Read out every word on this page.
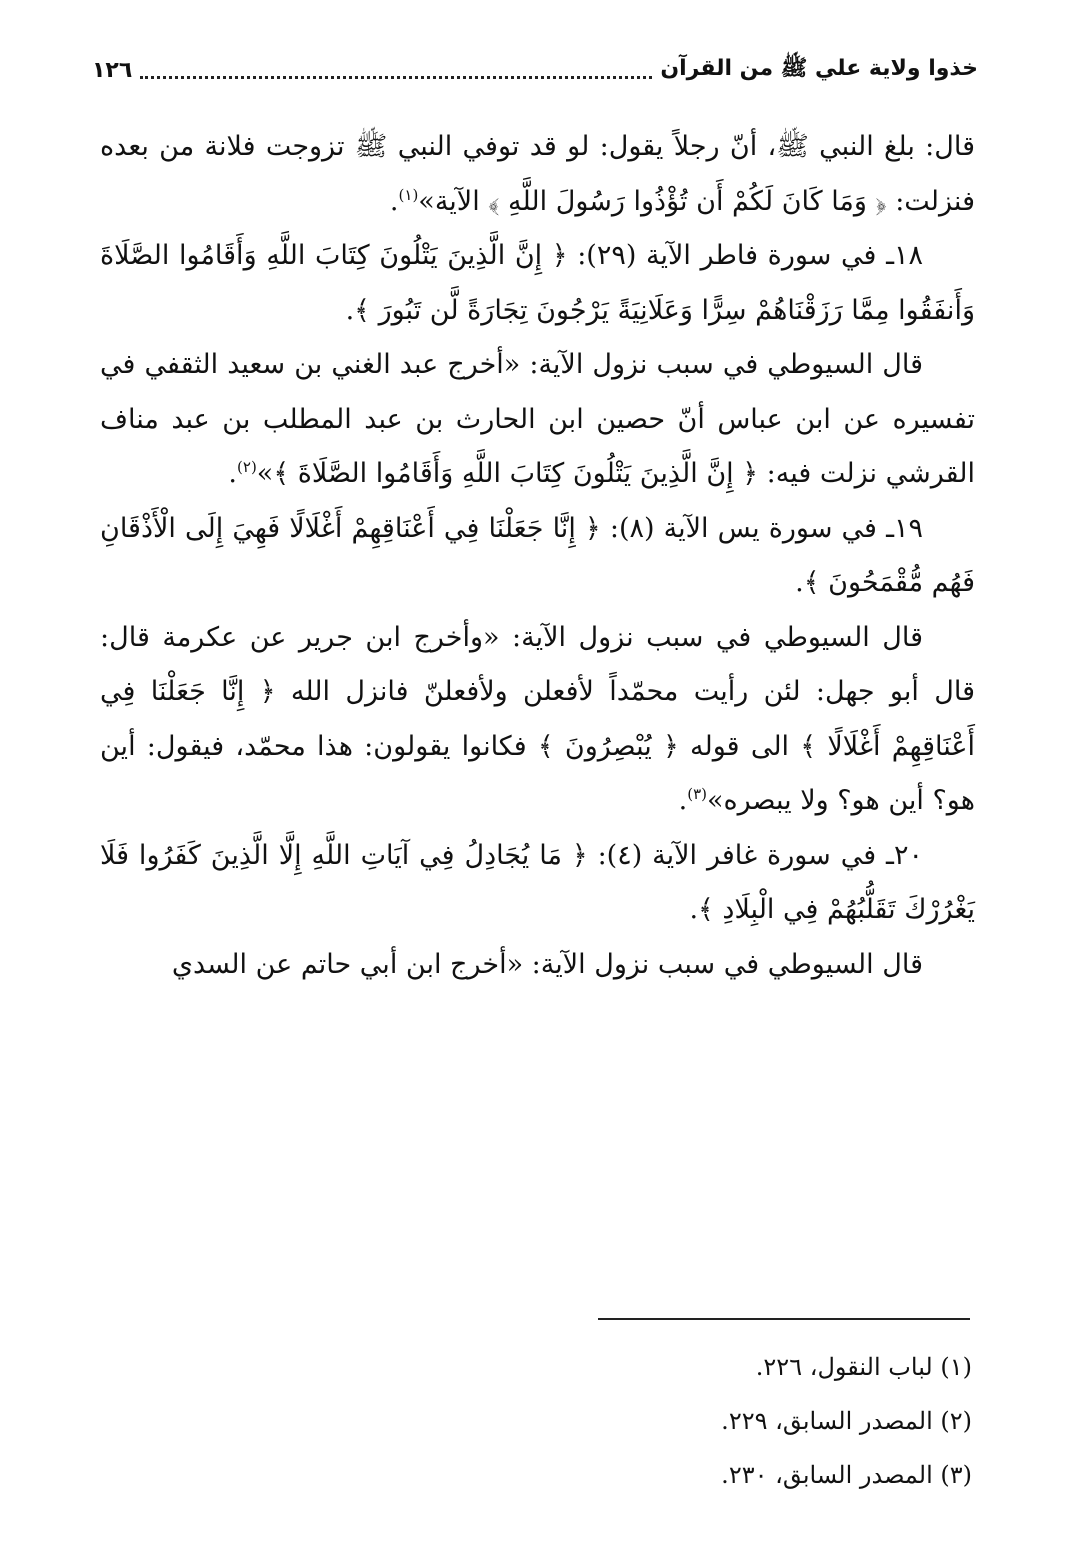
خذوا ولاية علي ﷺ من القرآن
١٢٦

قال: بلغ النبي ﷺ، أنّ رجلاً يقول: لو قد توفي النبي ﷺ تزوجت فلانة من بعده فنزلت: ﴿ وَمَا كَانَ لَكُمْ أَن تُؤْذُوا رَسُولَ اللَّهِ ﴾ الآية»$^{(١)}$.

١٨ـ في سورة فاطر الآية (٢٩): ﴿ إِنَّ الَّذِينَ يَتْلُونَ كِتَابَ اللَّهِ وَأَقَامُوا الصَّلَاةَ وَأَنفَقُوا مِمَّا رَزَقْنَاهُمْ سِرًّا وَعَلَانِيَةً يَرْجُونَ تِجَارَةً لَّن تَبُورَ ﴾.

قال السيوطي في سبب نزول الآية: «أخرج عبد الغني بن سعيد الثقفي في تفسيره عن ابن عباس أنّ حصين ابن الحارث بن عبد المطلب بن عبد مناف القرشي نزلت فيه: ﴿ إِنَّ الَّذِينَ يَتْلُونَ كِتَابَ اللَّهِ وَأَقَامُوا الصَّلَاةَ ﴾»$^{(٢)}$.

١٩ـ في سورة يس الآية (٨): ﴿ إِنَّا جَعَلْنَا فِي أَعْنَاقِهِمْ أَغْلَالًا فَهِيَ إِلَى الْأَذْقَانِ فَهُم مُّقْمَحُونَ ﴾.

قال السيوطي في سبب نزول الآية: «وأخرج ابن جرير عن عكرمة قال: قال أبو جهل: لئن رأيت محمّداً لأفعلن ولأفعلنّ فانزل الله ﴿ إِنَّا جَعَلْنَا فِي أَعْنَاقِهِمْ أَغْلَالًا ﴾ الى قوله ﴿ يُبْصِرُونَ ﴾ فكانوا يقولون: هذا محمّد، فيقول: أين هو؟ أين هو؟ ولا يبصره»$^{(٣)}$.

٢٠ـ في سورة غافر الآية (٤): ﴿ مَا يُجَادِلُ فِي آيَاتِ اللَّهِ إِلَّا الَّذِينَ كَفَرُوا فَلَا يَغْرُرْكَ تَقَلُّبُهُمْ فِي الْبِلَادِ ﴾.

قال السيوطي في سبب نزول الآية: «أخرج ابن أبي حاتم عن السدي

(١) لباب النقول، ٢٢٦.
(٢) المصدر السابق، ٢٢٩.
(٣) المصدر السابق، ٢٣٠.
